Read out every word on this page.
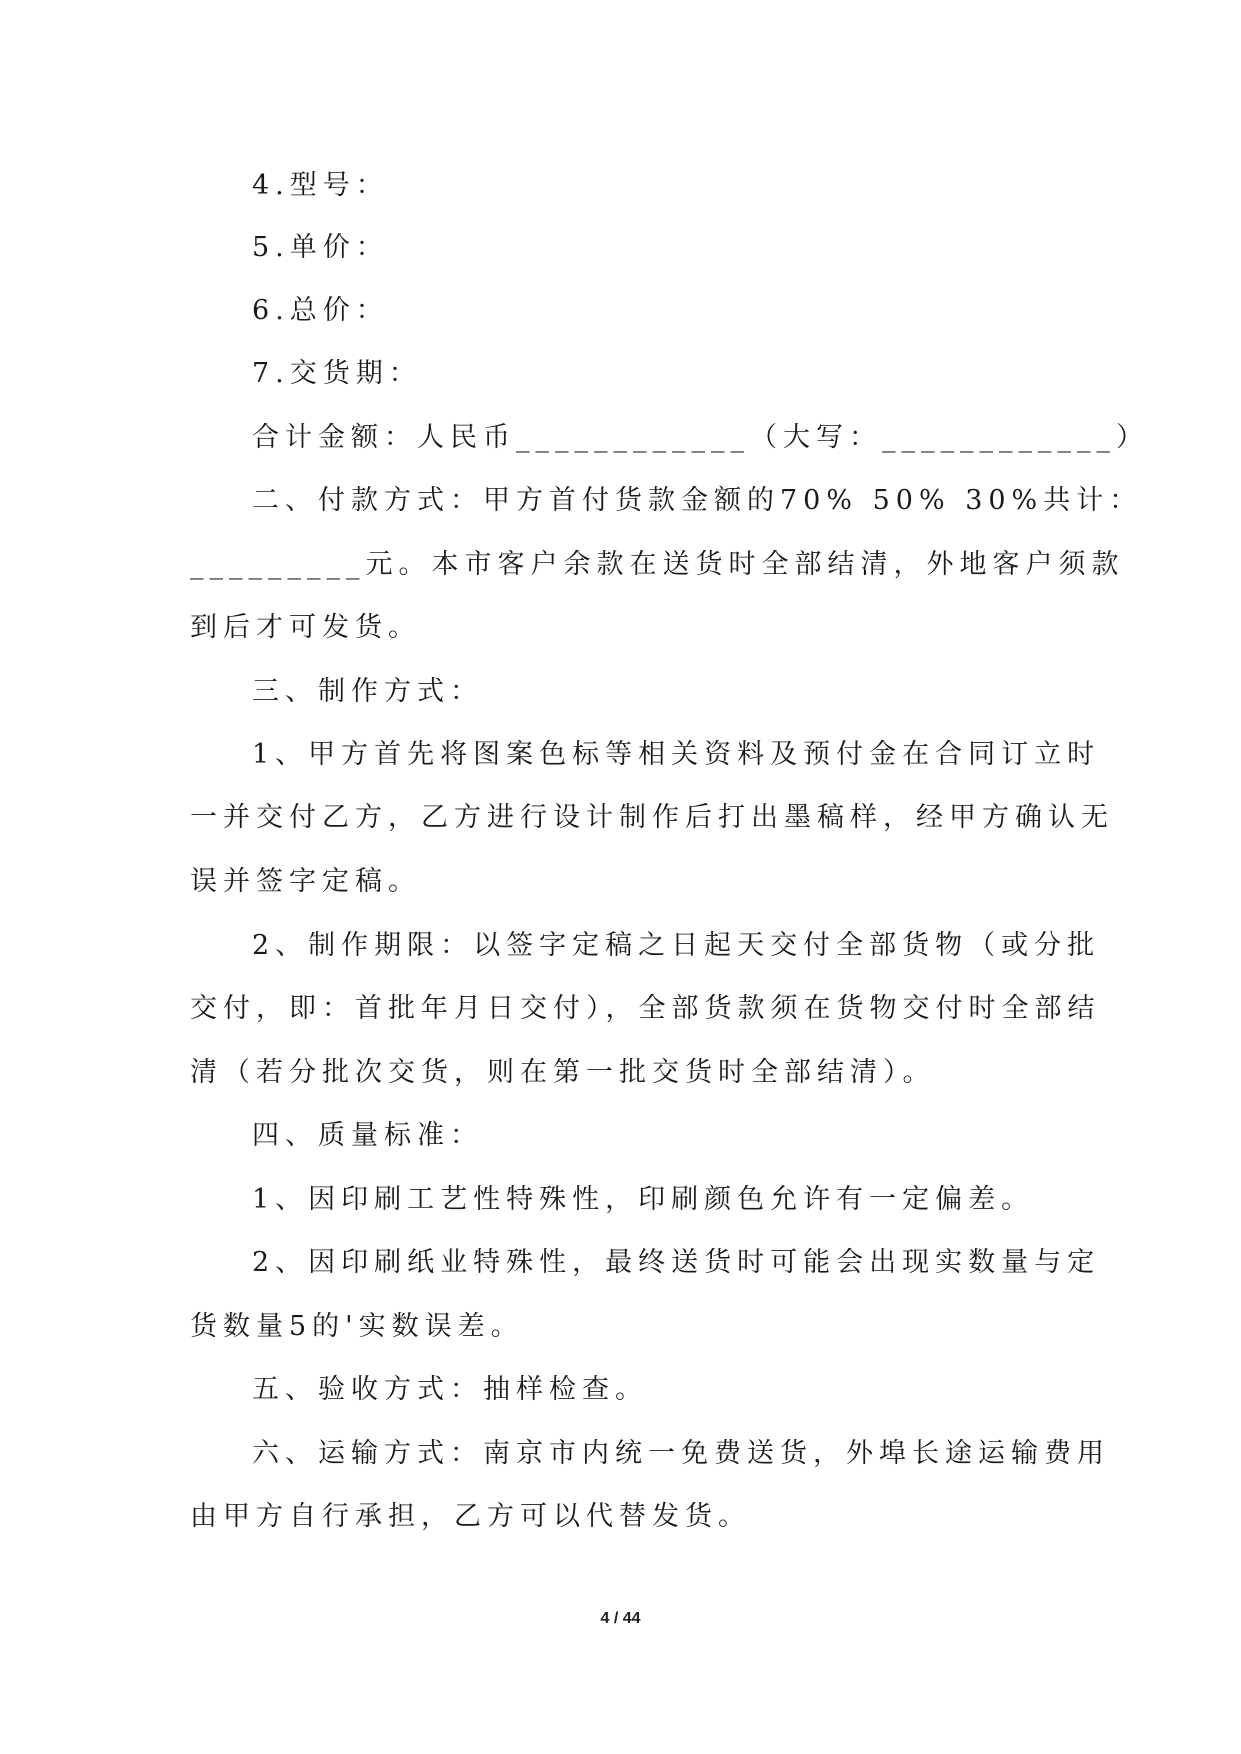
4.型号：
5.单价：
6.总价：
7.交货期：
合计金额：人民币____________（大写：____________）
二、付款方式：甲方首付货款金额的70% 50% 30%共计：
_________元。本市客户余款在送货时全部结清，外地客户须款
到后才可发货。
三、制作方式：
1、甲方首先将图案色标等相关资料及预付金在合同订立时
一并交付乙方，乙方进行设计制作后打出墨稿样，经甲方确认无
误并签字定稿。
2、制作期限：以签字定稿之日起天交付全部货物（或分批
交付，即：首批年月日交付），全部货款须在货物交付时全部结
清（若分批次交货，则在第一批交货时全部结清）。
四、质量标准：
1、因印刷工艺性特殊性，印刷颜色允许有一定偏差。
2、因印刷纸业特殊性，最终送货时可能会出现实数量与定
货数量5的'实数误差。
五、验收方式：抽样检查。
六、运输方式：南京市内统一免费送货，外埠长途运输费用
由甲方自行承担，乙方可以代替发货。
4 / 44
